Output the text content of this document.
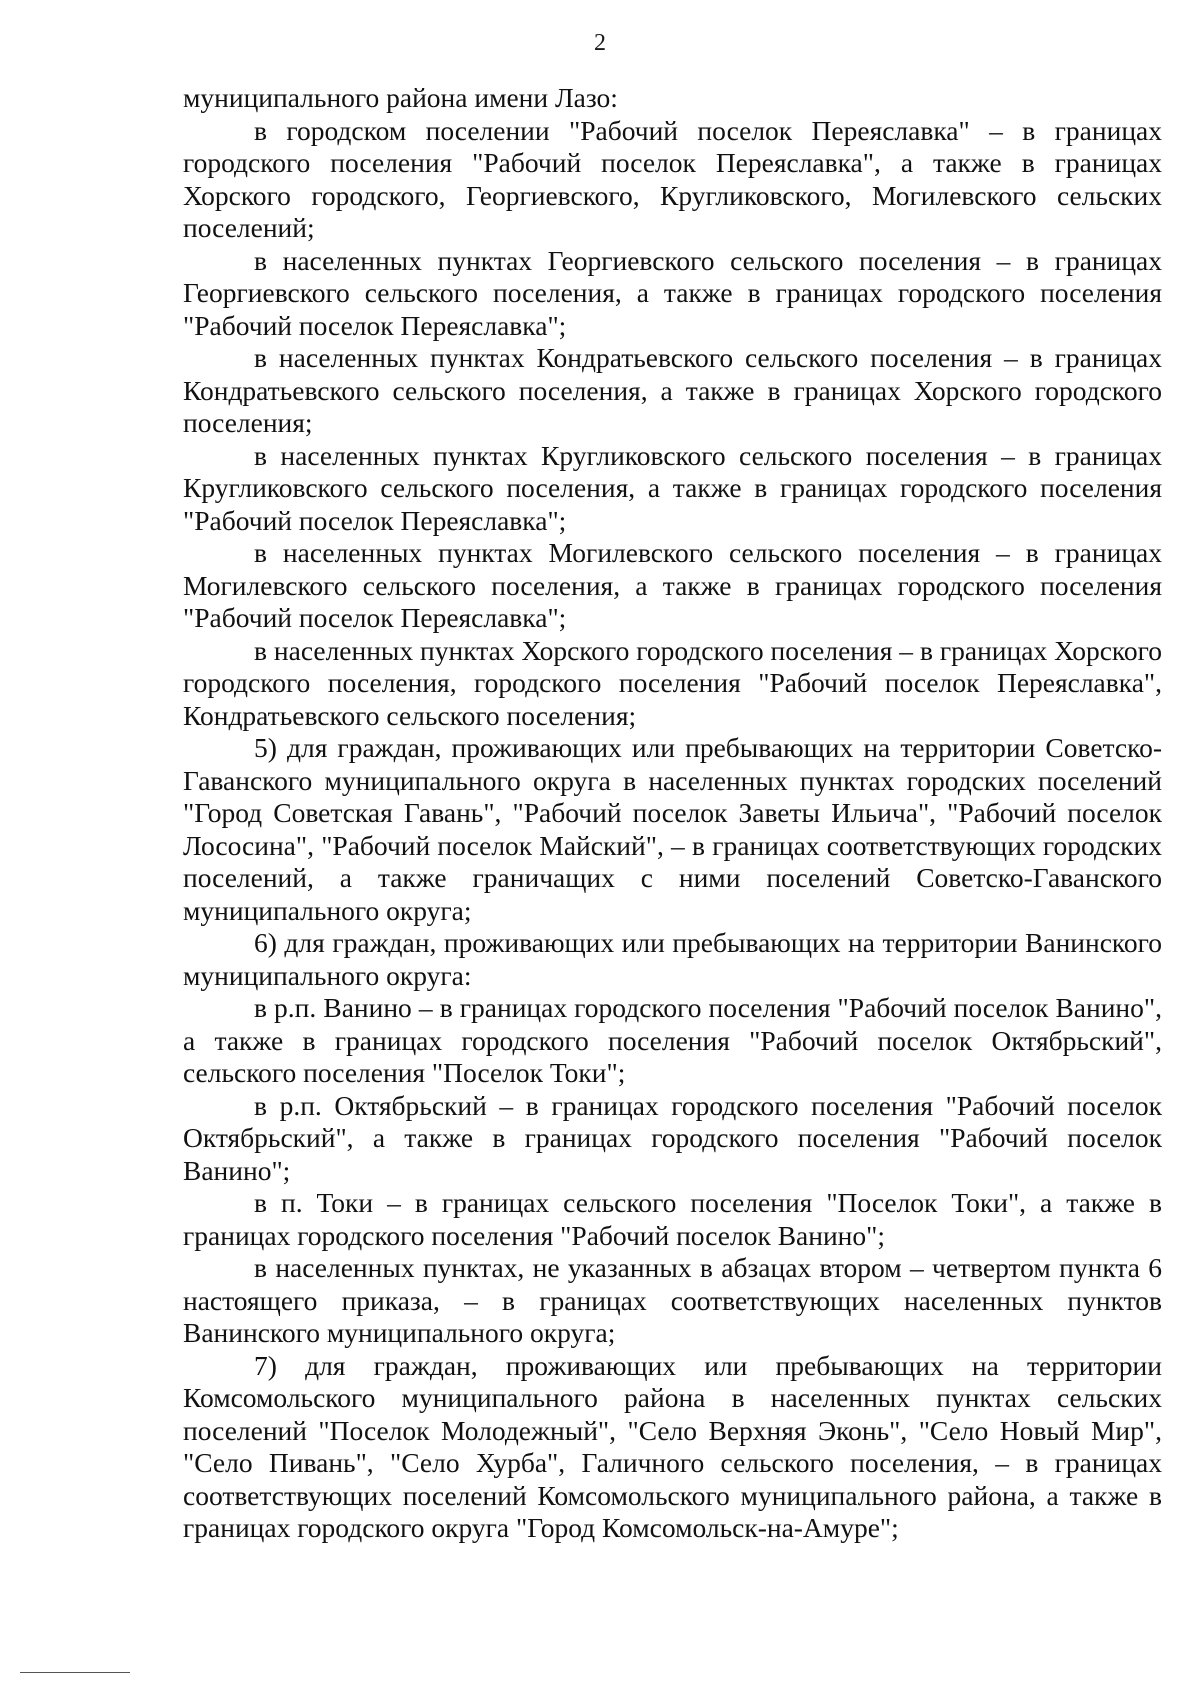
2

муниципального района имени Лазо:

в городском поселении "Рабочий поселок Переяславка" – в границах городского поселения "Рабочий поселок Переяславка", а также в границах Хорского городского, Георгиевского, Кругликовского, Могилевского сельских поселений;

в населенных пунктах Георгиевского сельского поселения – в границах Георгиевского сельского поселения, а также в границах городского поселения "Рабочий поселок Переяславка";

в населенных пунктах Кондратьевского сельского поселения – в границах Кондратьевского сельского поселения, а также в границах Хорского городского поселения;

в населенных пунктах Кругликовского сельского поселения – в границах Кругликовского сельского поселения, а также в границах городского поселения "Рабочий поселок Переяславка";

в населенных пунктах Могилевского сельского поселения – в границах Могилевского сельского поселения, а также в границах городского поселения "Рабочий поселок Переяславка";

в населенных пунктах Хорского городского поселения – в границах Хорского городского поселения, городского поселения "Рабочий поселок Переяславка", Кондратьевского сельского поселения;

5) для граждан, проживающих или пребывающих на территории Советско-Гаванского муниципального округа в населенных пунктах городских поселений "Город Советская Гавань", "Рабочий поселок Заветы Ильича", "Рабочий поселок Лососина", "Рабочий поселок Майский", – в границах соответствующих городских поселений, а также граничащих с ними поселений Советско-Гаванского муниципального округа;

6) для граждан, проживающих или пребывающих на территории Ванинского муниципального округа:

в р.п. Ванино – в границах городского поселения "Рабочий поселок Ванино", а также в границах городского поселения "Рабочий поселок Октябрьский", сельского поселения "Поселок Токи";

в р.п. Октябрьский – в границах городского поселения "Рабочий поселок Октябрьский", а также в границах городского поселения "Рабочий поселок Ванино";

в п. Токи – в границах сельского поселения "Поселок Токи", а также в границах городского поселения "Рабочий поселок Ванино";

в населенных пунктах, не указанных в абзацах втором – четвертом пункта 6 настоящего приказа, – в границах соответствующих населенных пунктов Ванинского муниципального округа;

7) для граждан, проживающих или пребывающих на территории Комсомольского муниципального района в населенных пунктах сельских поселений "Поселок Молодежный", "Село Верхняя Эконь", "Село Новый Мир", "Село Пивань", "Село Хурба", Галичного сельского поселения, – в границах соответствующих поселений Комсомольского муниципального района, а также в границах городского округа "Город Комсомольск-на-Амуре";
